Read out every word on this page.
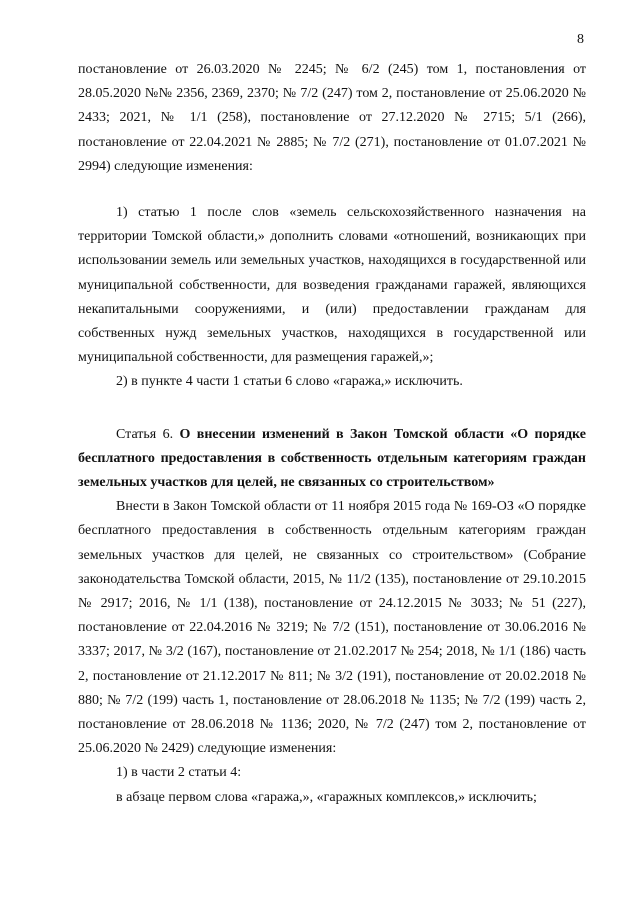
8

постановление от 26.03.2020 № 2245; № 6/2 (245) том 1, постановления от 28.05.2020 №№ 2356, 2369, 2370; № 7/2 (247) том 2, постановление от 25.06.2020 № 2433; 2021, № 1/1 (258), постановление от 27.12.2020 № 2715; 5/1 (266), постановление от 22.04.2021 № 2885; № 7/2 (271), постановление от 01.07.2021 № 2994) следующие изменения:

1) статью 1 после слов «земель сельскохозяйственного назначения на территории Томской области,» дополнить словами «отношений, возникающих при использовании земель или земельных участков, находящихся в государственной или муниципальной собственности, для возведения гражданами гаражей, являющихся некапитальными сооружениями, и (или) предоставлении гражданам для собственных нужд земельных участков, находящихся в государственной или муниципальной собственности, для размещения гаражей,»;

2) в пункте 4 части 1 статьи 6 слово «гаража,» исключить.

Статья 6. О внесении изменений в Закон Томской области «О порядке бесплатного предоставления в собственность отдельным категориям граждан земельных участков для целей, не связанных со строительством»

Внести в Закон Томской области от 11 ноября 2015 года № 169-ОЗ «О порядке бесплатного предоставления в собственность отдельным категориям граждан земельных участков для целей, не связанных со строительством» (Собрание законодательства Томской области, 2015, № 11/2 (135), постановление от 29.10.2015 № 2917; 2016, № 1/1 (138), постановление от 24.12.2015 № 3033; № 51 (227), постановление от 22.04.2016 № 3219; № 7/2 (151), постановление от 30.06.2016 № 3337; 2017, № 3/2 (167), постановление от 21.02.2017 № 254; 2018, № 1/1 (186) часть 2, постановление от 21.12.2017 № 811; № 3/2 (191), постановление от 20.02.2018 № 880; № 7/2 (199) часть 1, постановление от 28.06.2018 № 1135; № 7/2 (199) часть 2, постановление от 28.06.2018 № 1136; 2020, № 7/2 (247) том 2, постановление от 25.06.2020 № 2429) следующие изменения:

1) в части 2 статьи 4:

в абзаце первом слова «гаража,», «гаражных комплексов,» исключить;
